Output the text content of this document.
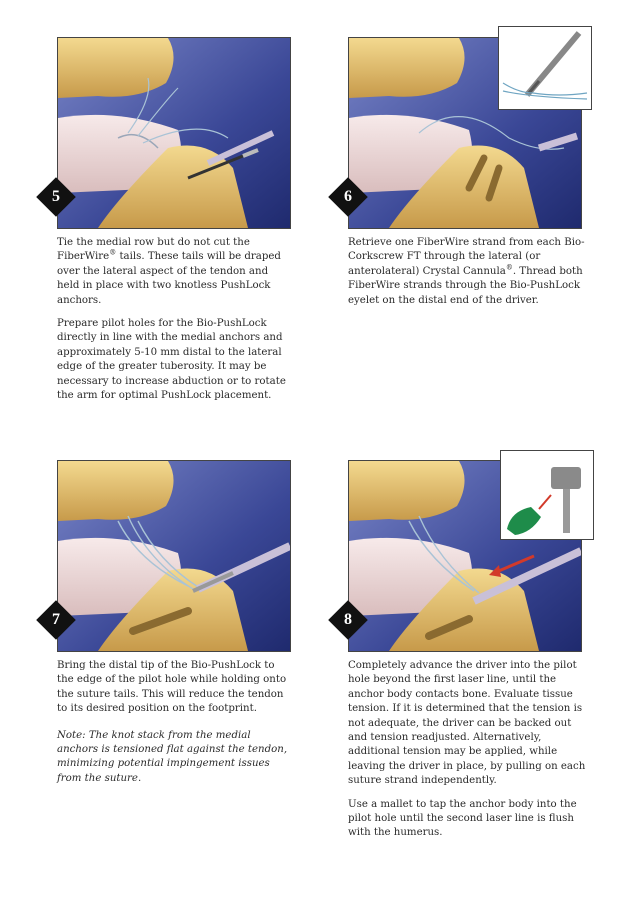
5	6

Tie the medial row but do not cut the FiberWire® tails. These tails will be draped over the lateral aspect of the tendon and held in place with two knotless PushLock anchors.

Prepare pilot holes for the Bio-PushLock directly in line with the medial anchors and approximately 5-10 mm distal to the lateral edge of the greater tuberosity. It may be necessary to increase abduction or to rotate the arm for optimal PushLock placement.

Retrieve one FiberWire strand from each Bio-Corkscrew FT through the lateral (or anterolateral) Crystal Cannula®. Thread both FiberWire strands through the Bio-PushLock eyelet on the distal end of the driver.

7	8

Bring the distal tip of the Bio-PushLock to the edge of the pilot hole while holding onto the suture tails. This will reduce the tendon to its desired position on the footprint.

Note: The knot stack from the medial anchors is tensioned flat against the tendon, minimizing potential impingement issues from the suture.

Completely advance the driver into the pilot hole beyond the first laser line, until the anchor body contacts bone. Evaluate tissue tension. If it is determined that the tension is not adequate, the driver can be backed out and tension readjusted. Alternatively, additional tension may be applied, while leaving the driver in place, by pulling on each suture strand independently.

Use a mallet to tap the anchor body into the pilot hole until the second laser line is flush with the humerus.
